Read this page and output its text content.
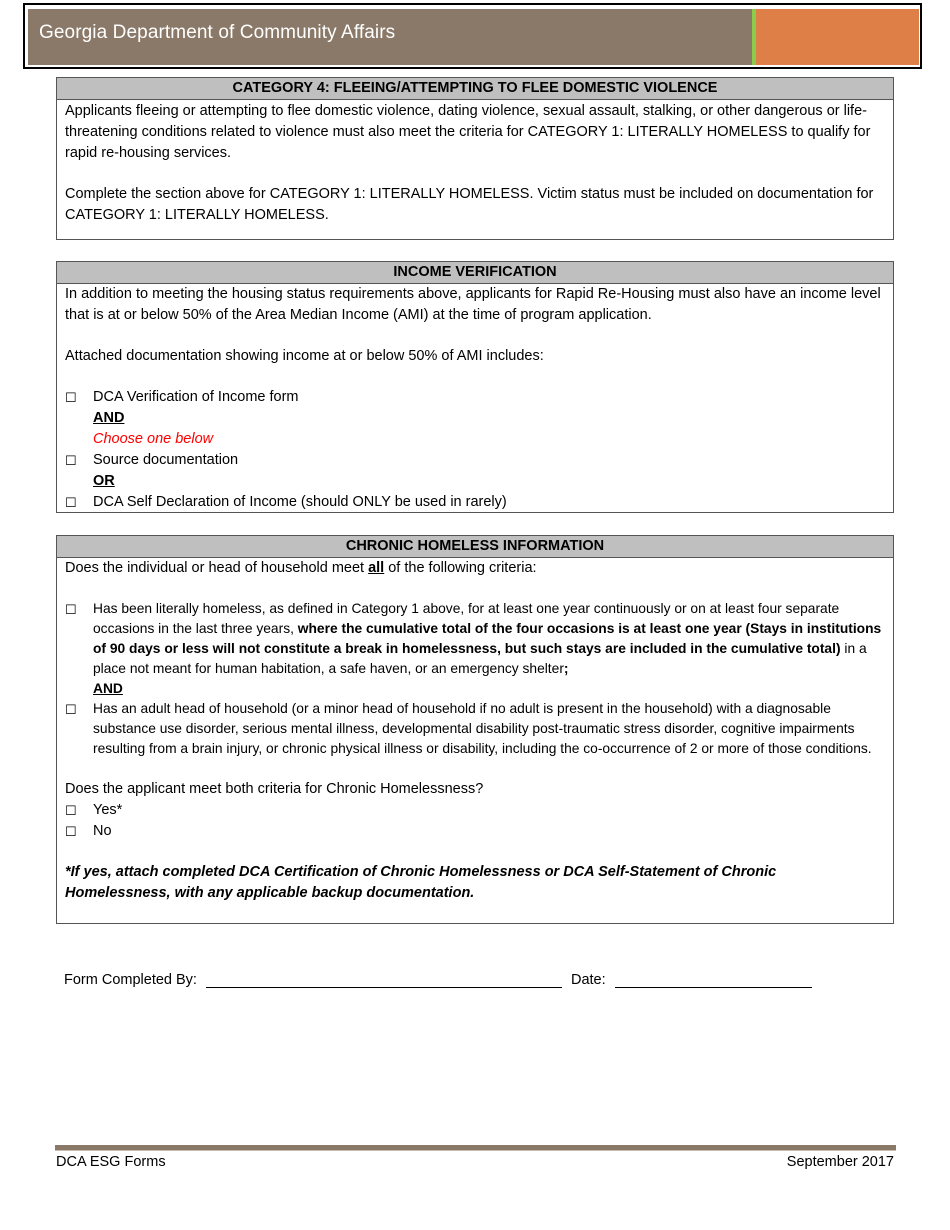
Georgia Department of Community Affairs
CATEGORY 4: FLEEING/ATTEMPTING TO FLEE DOMESTIC VIOLENCE
Applicants fleeing or attempting to flee domestic violence, dating violence, sexual assault, stalking, or other dangerous or life-threatening conditions related to violence must also meet the criteria for CATEGORY 1: LITERALLY HOMELESS to qualify for rapid re-housing services.
Complete the section above for CATEGORY 1: LITERALLY HOMELESS. Victim status must be included on documentation for CATEGORY 1: LITERALLY HOMELESS.
INCOME VERIFICATION
In addition to meeting the housing status requirements above, applicants for Rapid Re-Housing must also have an income level that is at or below 50% of the Area Median Income (AMI) at the time of program application.
Attached documentation showing income at or below 50% of AMI includes:
☐	DCA Verification of Income form
AND
Choose one below
☐	Source documentation
OR
☐	DCA Self Declaration of Income (should ONLY be used in rarely)
CHRONIC HOMELESS INFORMATION
Does the individual or head of household meet all of the following criteria:
☐	Has been literally homeless, as defined in Category 1 above, for at least one year continuously or on at least four separate occasions in the last three years, where the cumulative total of the four occasions is at least one year (Stays in institutions of 90 days or less will not constitute a break in homelessness, but such stays are included in the cumulative total) in a place not meant for human habitation, a safe haven, or an emergency shelter;
AND
☐	Has an adult head of household (or a minor head of household if no adult is present in the household) with a diagnosable substance use disorder, serious mental illness, developmental disability post-traumatic stress disorder, cognitive impairments resulting from a brain injury, or chronic physical illness or disability, including the co-occurrence of 2 or more of those conditions.
Does the applicant meet both criteria for Chronic Homelessness?
☐	Yes*
☐	No
*If yes, attach completed DCA Certification of Chronic Homelessness or DCA Self-Statement of Chronic Homelessness, with any applicable backup documentation.
Form Completed By:	Date:
DCA ESG Forms	September 2017
